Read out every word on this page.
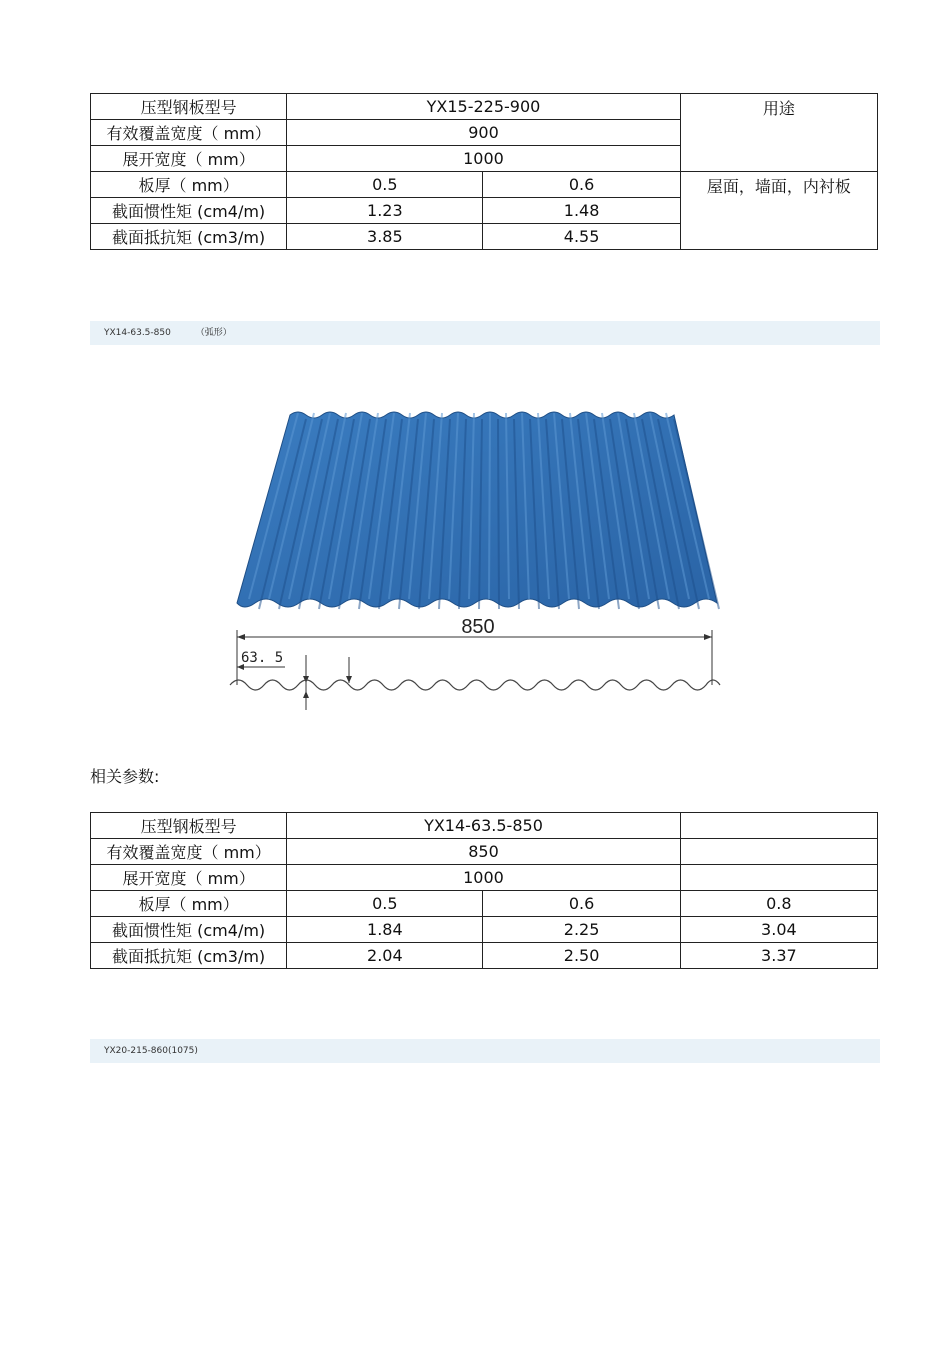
压型钢板型号	YX15-225-900		用途
有效覆盖宽度（ mm）	900		
展开宽度（ mm）	1000		
板厚（ mm）	0.5	0.6	屋面，墙面，内衬板
截面惯性矩 (cm4/m)	1.23	1.48	
截面抵抗矩 (cm3/m)	3.85	4.55	
YX14-63.5-850	（弧形）
850
63. 5
相关参数:
压型钢板型号	YX14-63.5-850		
有效覆盖宽度（ mm）	850		
展开宽度（ mm）	1000		
板厚（ mm）	0.5	0.6	0.8
截面惯性矩 (cm4/m)	1.84	2.25	3.04
截面抵抗矩 (cm3/m)	2.04	2.50	3.37
YX20-215-860(1075)
